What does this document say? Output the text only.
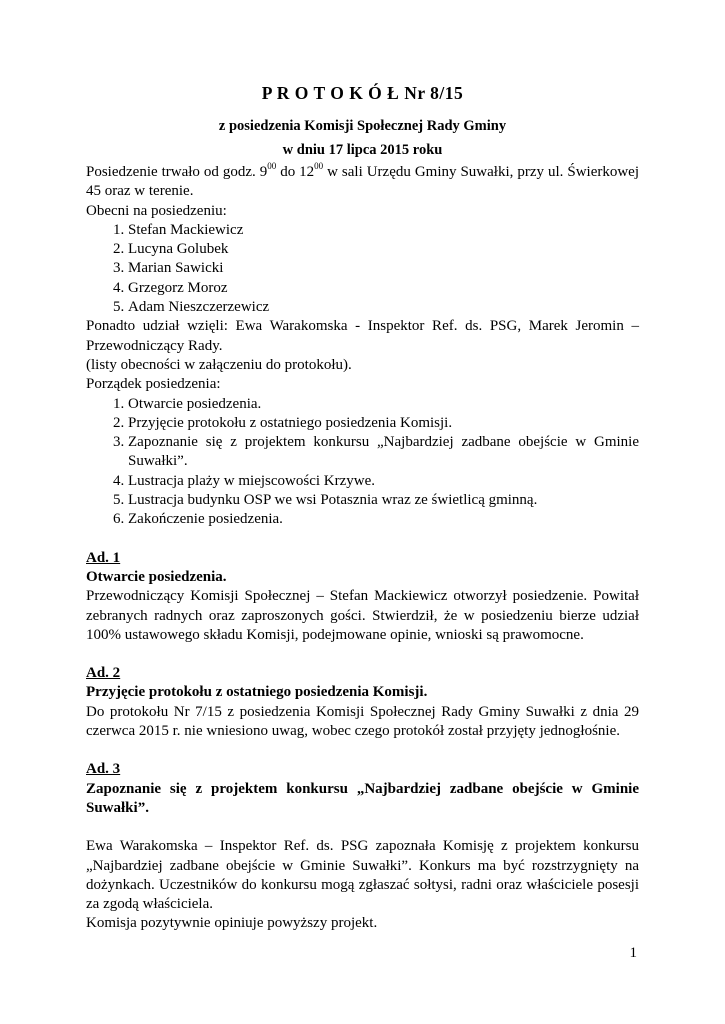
P R O T O K Ó Ł Nr 8/15
z posiedzenia Komisji Społecznej Rady Gminy
w dniu 17 lipca 2015 roku

Posiedzenie trwało od godz. $9^{00}$ do $12^{00}$ w sali Urzędu Gminy Suwałki, przy ul. Świerkowej

45 oraz w terenie.

Obecni na posiedzeniu:

1. Stefan Mackiewicz
2. Lucyna Golubek
3. Marian Sawicki
4. Grzegorz Moroz
5. Adam Nieszczerzewicz

Ponadto udział wzięli: Ewa Warakomska - Inspektor Ref. ds. PSG, Marek Jeromin –

Przewodniczący Rady.

(listy obecności w załączeniu do protokołu).

Porządek posiedzenia:

1. Otwarcie posiedzenia.
2. Przyjęcie protokołu z ostatniego posiedzenia Komisji.
3. Zapoznanie się z projektem konkursu „Najbardziej zadbane obejście w Gminie Suwałki”.
4. Lustracja plaży w miejscowości Krzywe.
5. Lustracja budynku OSP we wsi Potasznia wraz ze świetlicą gminną.
6. Zakończenie posiedzenia.
Ad. 1
Otwarcie posiedzenia.

Przewodniczący Komisji Społecznej – Stefan Mackiewicz otworzył posiedzenie. Powitał zebranych radnych oraz zaproszonych gości. Stwierdził, że w posiedzeniu bierze udział 100% ustawowego składu Komisji, podejmowane opinie, wnioski są prawomocne.

Ad. 2
Przyjęcie protokołu z ostatniego posiedzenia Komisji.

Do protokołu Nr 7/15 z posiedzenia Komisji Społecznej Rady Gminy Suwałki z dnia 29 czerwca 2015 r. nie wniesiono uwag, wobec czego protokół został przyjęty jednogłośnie.

Ad. 3

Zapoznanie się z projektem konkursu „Najbardziej zadbane obejście w Gminie Suwałki”.

Ewa Warakomska – Inspektor Ref. ds. PSG zapoznała Komisję z projektem konkursu „Najbardziej zadbane obejście w Gminie Suwałki”. Konkurs ma być rozstrzygnięty na dożynkach. Uczestników do konkursu mogą zgłaszać sołtysi, radni oraz właściciele posesji za zgodą właściciela.

Komisja pozytywnie opiniuje powyższy projekt.

1
